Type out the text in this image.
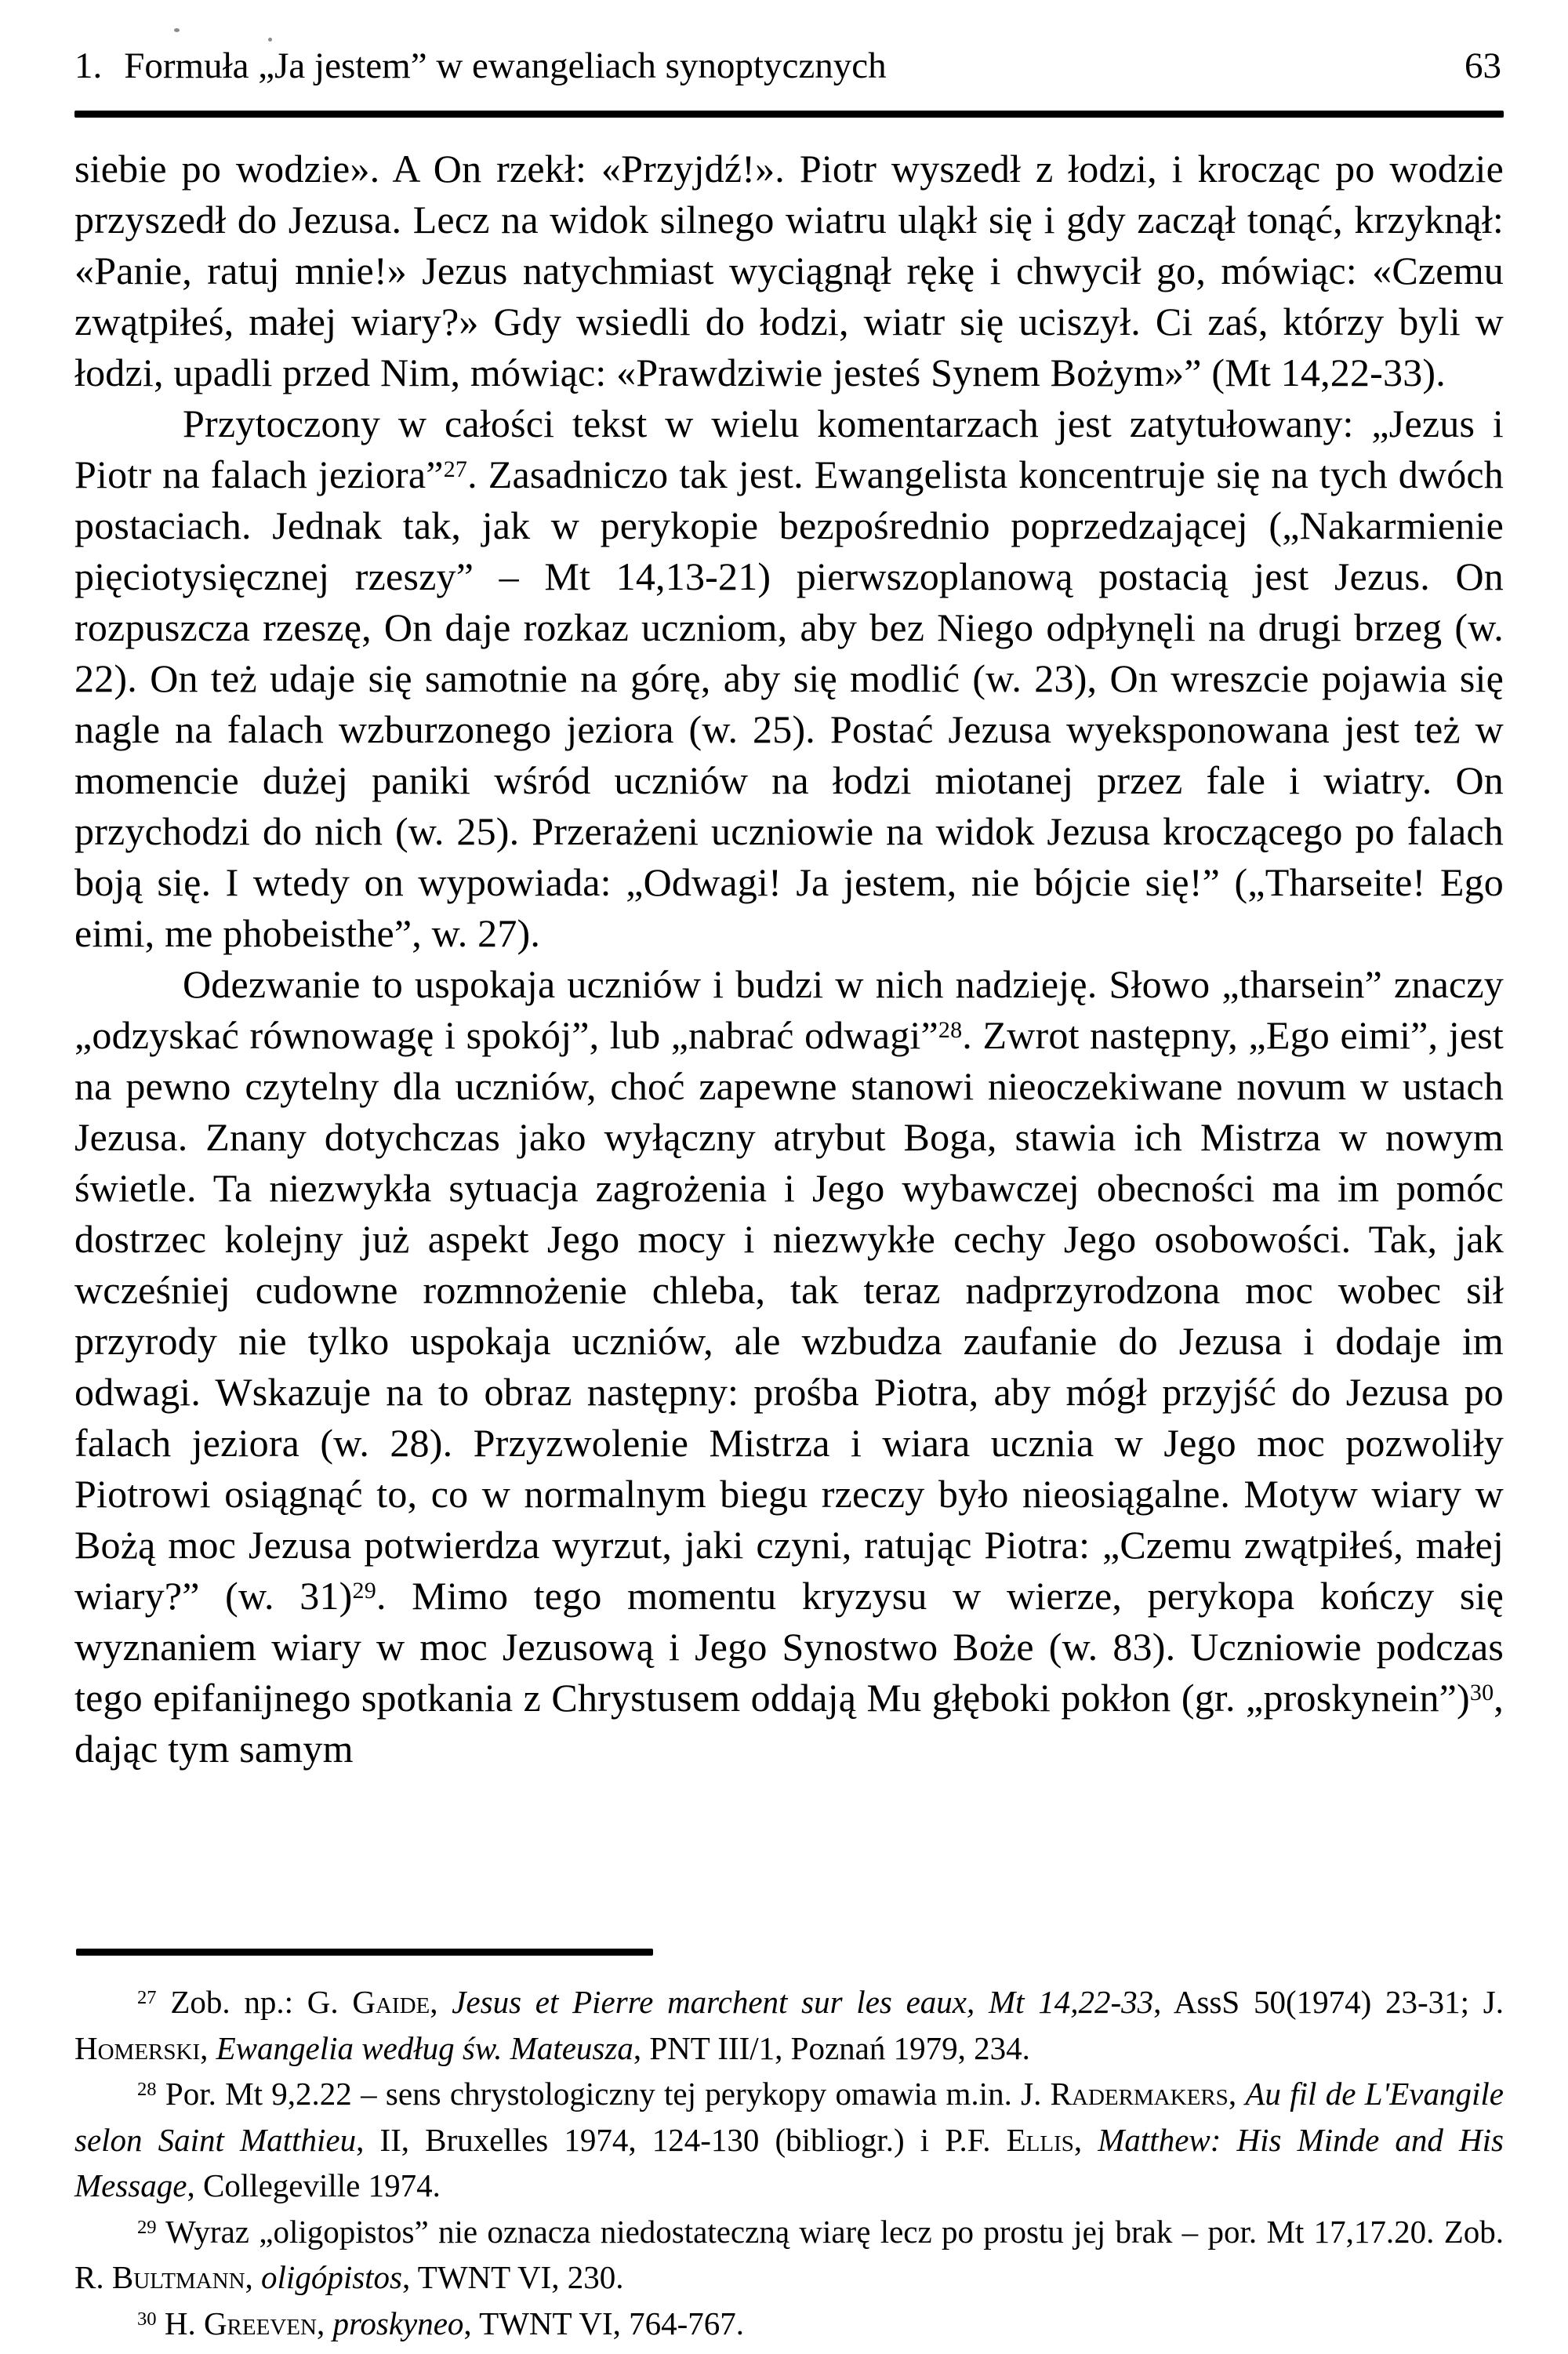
1. Formuła „Ja jestem” w ewangeliach synoptycznych	63

siebie po wodzie». A On rzekł: «Przyjdź!». Piotr wyszedł z łodzi, i krocząc po wodzie przyszedł do Jezusa. Lecz na widok silnego wiatru uląkł się i gdy zaczął tonąć, krzyknął: «Panie, ratuj mnie!» Jezus natychmiast wyciągnął rękę i chwycił go, mówiąc: «Czemu zwątpiłeś, małej wiary?» Gdy wsiedli do łodzi, wiatr się uciszył. Ci zaś, którzy byli w łodzi, upadli przed Nim, mówiąc: «Prawdziwie jesteś Synem Bożym»” (Mt 14,22-33).

Przytoczony w całości tekst w wielu komentarzach jest zatytułowany: „Jezus i Piotr na falach jeziora”$^{27}$. Zasadniczo tak jest. Ewangelista koncentruje się na tych dwóch postaciach. Jednak tak, jak w perykopie bezpośrednio poprzedzającej („Nakarmienie pięciotysięcznej rzeszy” – Mt 14,13-21) pierwszoplanową postacią jest Jezus. On rozpuszcza rzeszę, On daje rozkaz uczniom, aby bez Niego odpłynęli na drugi brzeg (w. 22). On też udaje się samotnie na górę, aby się modlić (w. 23), On wreszcie pojawia się nagle na falach wzburzonego jeziora (w. 25). Postać Jezusa wyeksponowana jest też w momencie dużej paniki wśród uczniów na łodzi miotanej przez fale i wiatry. On przychodzi do nich (w. 25). Przerażeni uczniowie na widok Jezusa kroczącego po falach boją się. I wtedy on wypowiada: „Odwagi! Ja jestem, nie bójcie się!” („Tharseite! Ego eimi, me phobeisthe”, w. 27).

Odezwanie to uspokaja uczniów i budzi w nich nadzieję. Słowo „tharsein” znaczy „odzyskać równowagę i spokój”, lub „nabrać odwagi”$^{28}$. Zwrot następny, „Ego eimi”, jest na pewno czytelny dla uczniów, choć zapewne stanowi nieoczekiwane novum w ustach Jezusa. Znany dotychczas jako wyłączny atrybut Boga, stawia ich Mistrza w nowym świetle. Ta niezwykła sytuacja zagrożenia i Jego wybawczej obecności ma im pomóc dostrzec kolejny już aspekt Jego mocy i niezwykłe cechy Jego osobowości. Tak, jak wcześniej cudowne rozmnożenie chleba, tak teraz nadprzyrodzona moc wobec sił przyrody nie tylko uspokaja uczniów, ale wzbudza zaufanie do Jezusa i dodaje im odwagi. Wskazuje na to obraz następny: prośba Piotra, aby mógł przyjść do Jezusa po falach jeziora (w. 28). Przyzwolenie Mistrza i wiara ucznia w Jego moc pozwoliły Piotrowi osiągnąć to, co w normalnym biegu rzeczy było nieosiągalne. Motyw wiary w Bożą moc Jezusa potwierdza wyrzut, jaki czyni, ratując Piotra: „Czemu zwątpiłeś, małej wiary?” (w. 31)$^{29}$. Mimo tego momentu kryzysu w wierze, perykopa kończy się wyznaniem wiary w moc Jezusową i Jego Synostwo Boże (w. 83). Uczniowie podczas tego epifanijnego spotkania z Chrystusem oddają Mu głęboki pokłon (gr. „proskynein”)$^{30}$, dając tym samym

$^{27}$ Zob. np.: G. Gaide, Jesus et Pierre marchent sur les eaux, Mt 14,22-33, AssS 50(1974) 23-31; J. Homerski, Ewangelia według św. Mateusza, PNT III/1, Poznań 1979, 234.

$^{28}$ Por. Mt 9,2.22 – sens chrystologiczny tej perykopy omawia m.in. J. Radermakers, Au fil de L'Evangile selon Saint Matthieu, II, Bruxelles 1974, 124-130 (bibliogr.) i P.F. Ellis, Matthew: His Minde and His Message, Collegeville 1974.

$^{29}$ Wyraz „oligopistos” nie oznacza niedostateczną wiarę lecz po prostu jej brak – por. Mt 17,17.20. Zob. R. Bultmann, oligópistos, TWNT VI, 230.

$^{30}$ H. Greeven, proskyneo, TWNT VI, 764-767.
